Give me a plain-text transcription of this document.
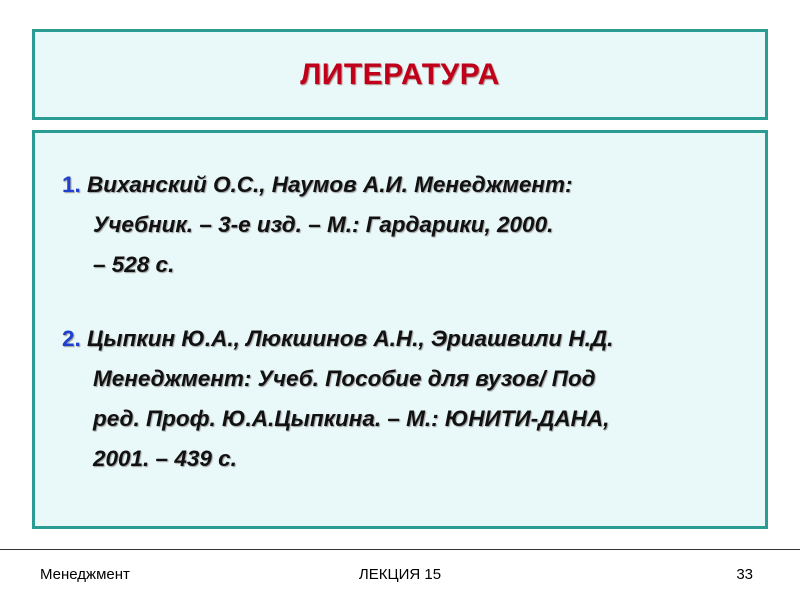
ЛИТЕРАТУРА

1. Виханский О.С., Наумов А.И. Менеджмент:
Учебник. – 3-е изд. – М.: Гардарики, 2000.
– 528 с.

2. Цыпкин Ю.А., Люкшинов А.Н., Эриашвили Н.Д.
Менеджмент: Учеб. Пособие для вузов/ Под
ред. Проф. Ю.А.Цыпкина. – М.: ЮНИТИ-ДАНА,
2001. – 439 с.

Менеджмент	ЛЕКЦИЯ 15	33
